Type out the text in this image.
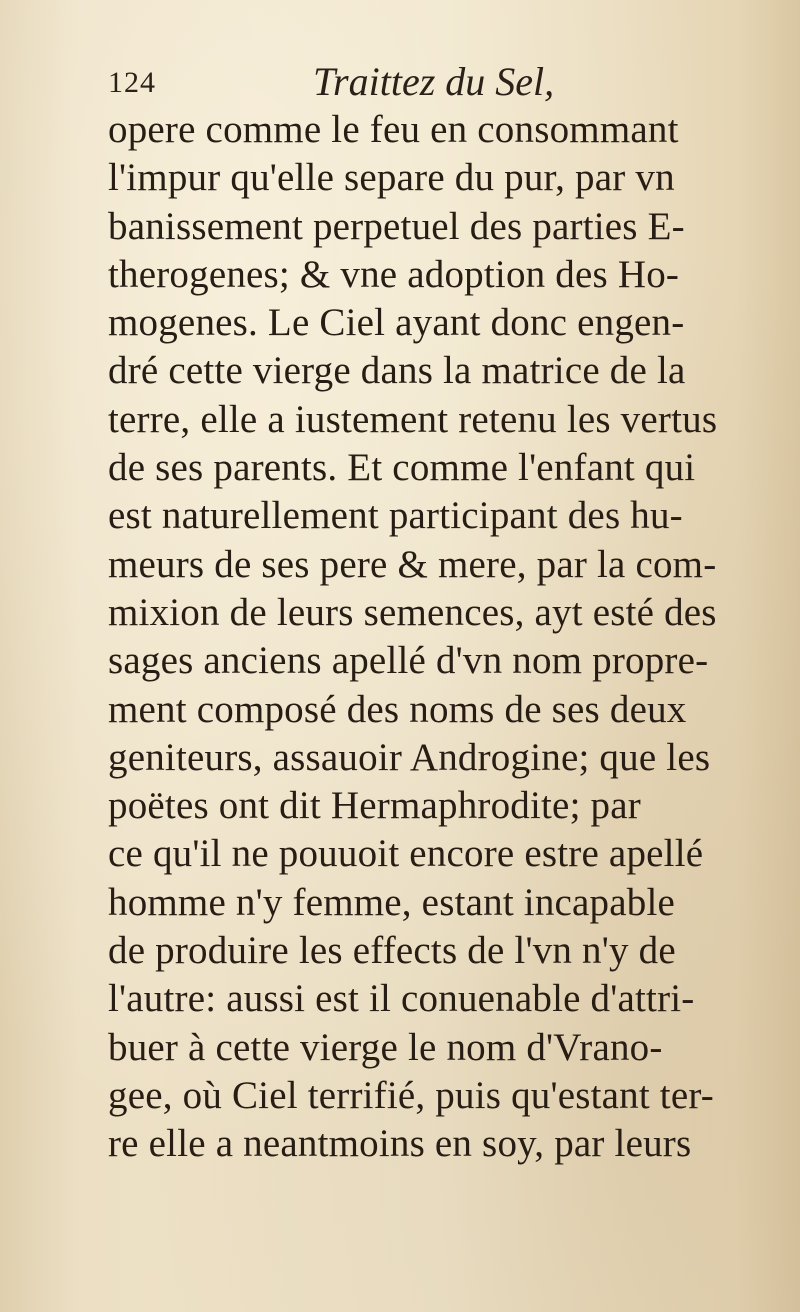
124	Traittez du Sel,
opere comme le feu en consommant
l'impur qu'elle separe du pur, par vn
banissement perpetuel des parties E-
therogenes; & vne adoption des Ho-
mogenes. Le Ciel ayant donc engen-
dré cette vierge dans la matrice de la
terre, elle a iustement retenu les vertus
de ses parents. Et comme l'enfant qui
est naturellement participant des hu-
meurs de ses pere & mere, par la com-
mixion de leurs semences, ayt esté des
sages anciens apellé d'vn nom propre-
ment composé des noms de ses deux
geniteurs, assauoir Androgine; que les
poëtes ont dit Hermaphrodite; par
ce qu'il ne pouuoit encore estre apellé
homme n'y femme, estant incapable
de produire les effects de l'vn n'y de
l'autre: aussi est il conuenable d'attri-
buer à cette vierge le nom d'Vrano-
gee, où Ciel terrifié, puis qu'estant ter-
re elle a neantmoins en soy, par leurs
